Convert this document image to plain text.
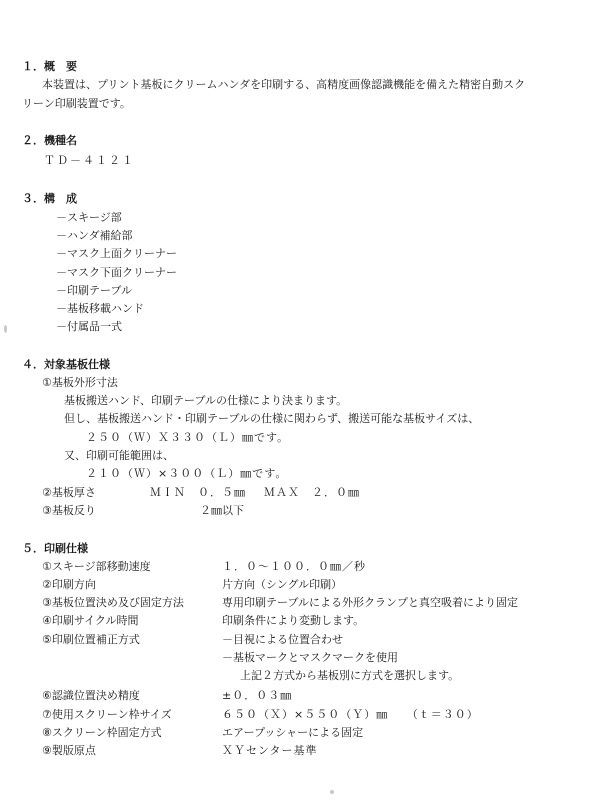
１．概　要
本装置は、プリント基板にクリームハンダを印刷する、高精度画像認識機能を備えた精密自動スク
リーン印刷装置です。
２．機種名
ＴＤ－４１２１
３．構　成
－スキージ部
－ハンダ補給部
－マスク上面クリーナー
－マスク下面クリーナー
－印刷テーブル
－基板移載ハンド
－付属品一式
４．対象基板仕様
①基板外形寸法
基板搬送ハンド、印刷テーブルの仕様により決まります。
但し、基板搬送ハンド・印刷テーブルの仕様に関わらず、搬送可能な基板サイズは、
２５０（Ｗ）Ｘ３３０（Ｌ）㎜です。
又、印刷可能範囲は、
２１０（Ｗ）×３００（Ｌ）㎜です。
②基板厚さ	ＭＩＮ　０．５㎜ ＭＡＸ　２．０㎜
③基板反り	２㎜以下
５．印刷仕様
①スキージ部移動速度	１．０～１００．０㎜／秒
②印刷方向	片方向（シングル印刷）
③基板位置決め及び固定方法	専用印刷テーブルによる外形クランプと真空吸着により固定
④印刷サイクル時間	印刷条件により変動します。
⑤印刷位置補正方式	－目視による位置合わせ
－基板マークとマスクマークを使用
上記２方式から基板別に方式を選択します。
⑥認識位置決め精度	±０．０３㎜
⑦使用スクリーン枠サイズ	６５０（Ｘ）×５５０（Ｙ）㎜　　（ｔ＝３０）
⑧スクリーン枠固定方式	エアープッシャーによる固定
⑨製版原点	ＸＹセンター基準
